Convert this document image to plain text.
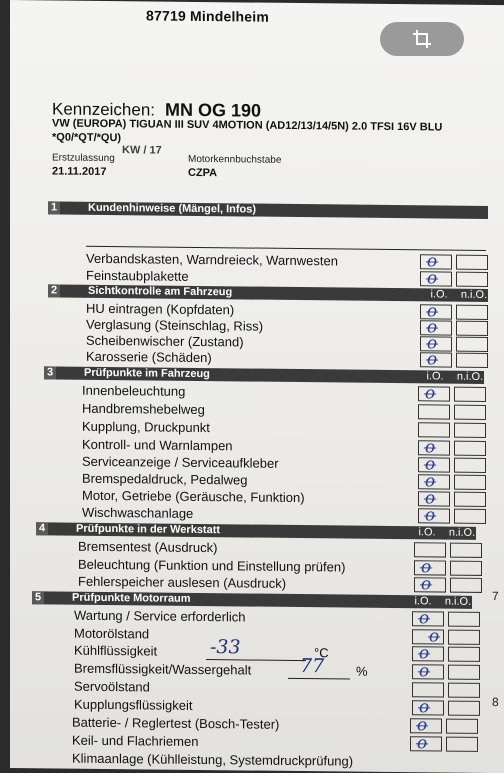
87719 Mindelheim
Kennzeichen: MN OG 190
VW (EUROPA) TIGUAN III SUV 4MOTION (AD12/13/14/5N) 2.0 TFSI 16V BLU
*Q0/*QT/*QU)
KW / 17
Erstzulassung
21.11.2017
Motorkennbuchstabe
CZPA
1	Kundenhinweise (Mängel, Infos)
Verbandskasten, Warndreieck, Warnwesten	ꝋ
Feinstaubplakette	ꝋ
2	Sichtkontrolle am Fahrzeug	i.O.	n.i.O.
HU eintragen (Kopfdaten)	ꝋ
Verglasung (Steinschlag, Riss)	ꝋ
Scheibenwischer (Zustand)	ꝋ
Karosserie (Schäden)	ꝋ
3	Prüfpunkte im Fahrzeug	i.O.	n.i.O.
Innenbeleuchtung	ꝋ
Handbremshebelweg
Kupplung, Druckpunkt
Kontroll- und Warnlampen	ꝋ
Serviceanzeige / Serviceaufkleber	ꝋ
Bremspedaldruck, Pedalweg	ꝋ
Motor, Getriebe (Geräusche, Funktion)	ꝋ
Wischwaschanlage	ꝋ
4	Prüfpunkte in der Werkstatt	i.O.	n.i.O.
Bremsentest (Ausdruck)
Beleuchtung (Funktion und Einstellung prüfen)	ꝋ
Fehlerspeicher auslesen (Ausdruck)	ꝋ
5	Prüfpunkte Motorraum	i.O.	n.i.O.
Wartung / Service erforderlich	ꝋ
Motorölstand	ꝋ
Kühlflüssigkeit	-33	°C	ꝋ
Bremsflüssigkeit/Wassergehalt	77 %	ꝋ
Servoölstand
Kupplungsflüssigkeit	ꝋ
Batterie- / Reglertest (Bosch-Tester)	ꝋ
Keil- und Flachriemen	ꝋ
Klimaanlage (Kühlleistung, Systemdruckprüfung)
7
8
